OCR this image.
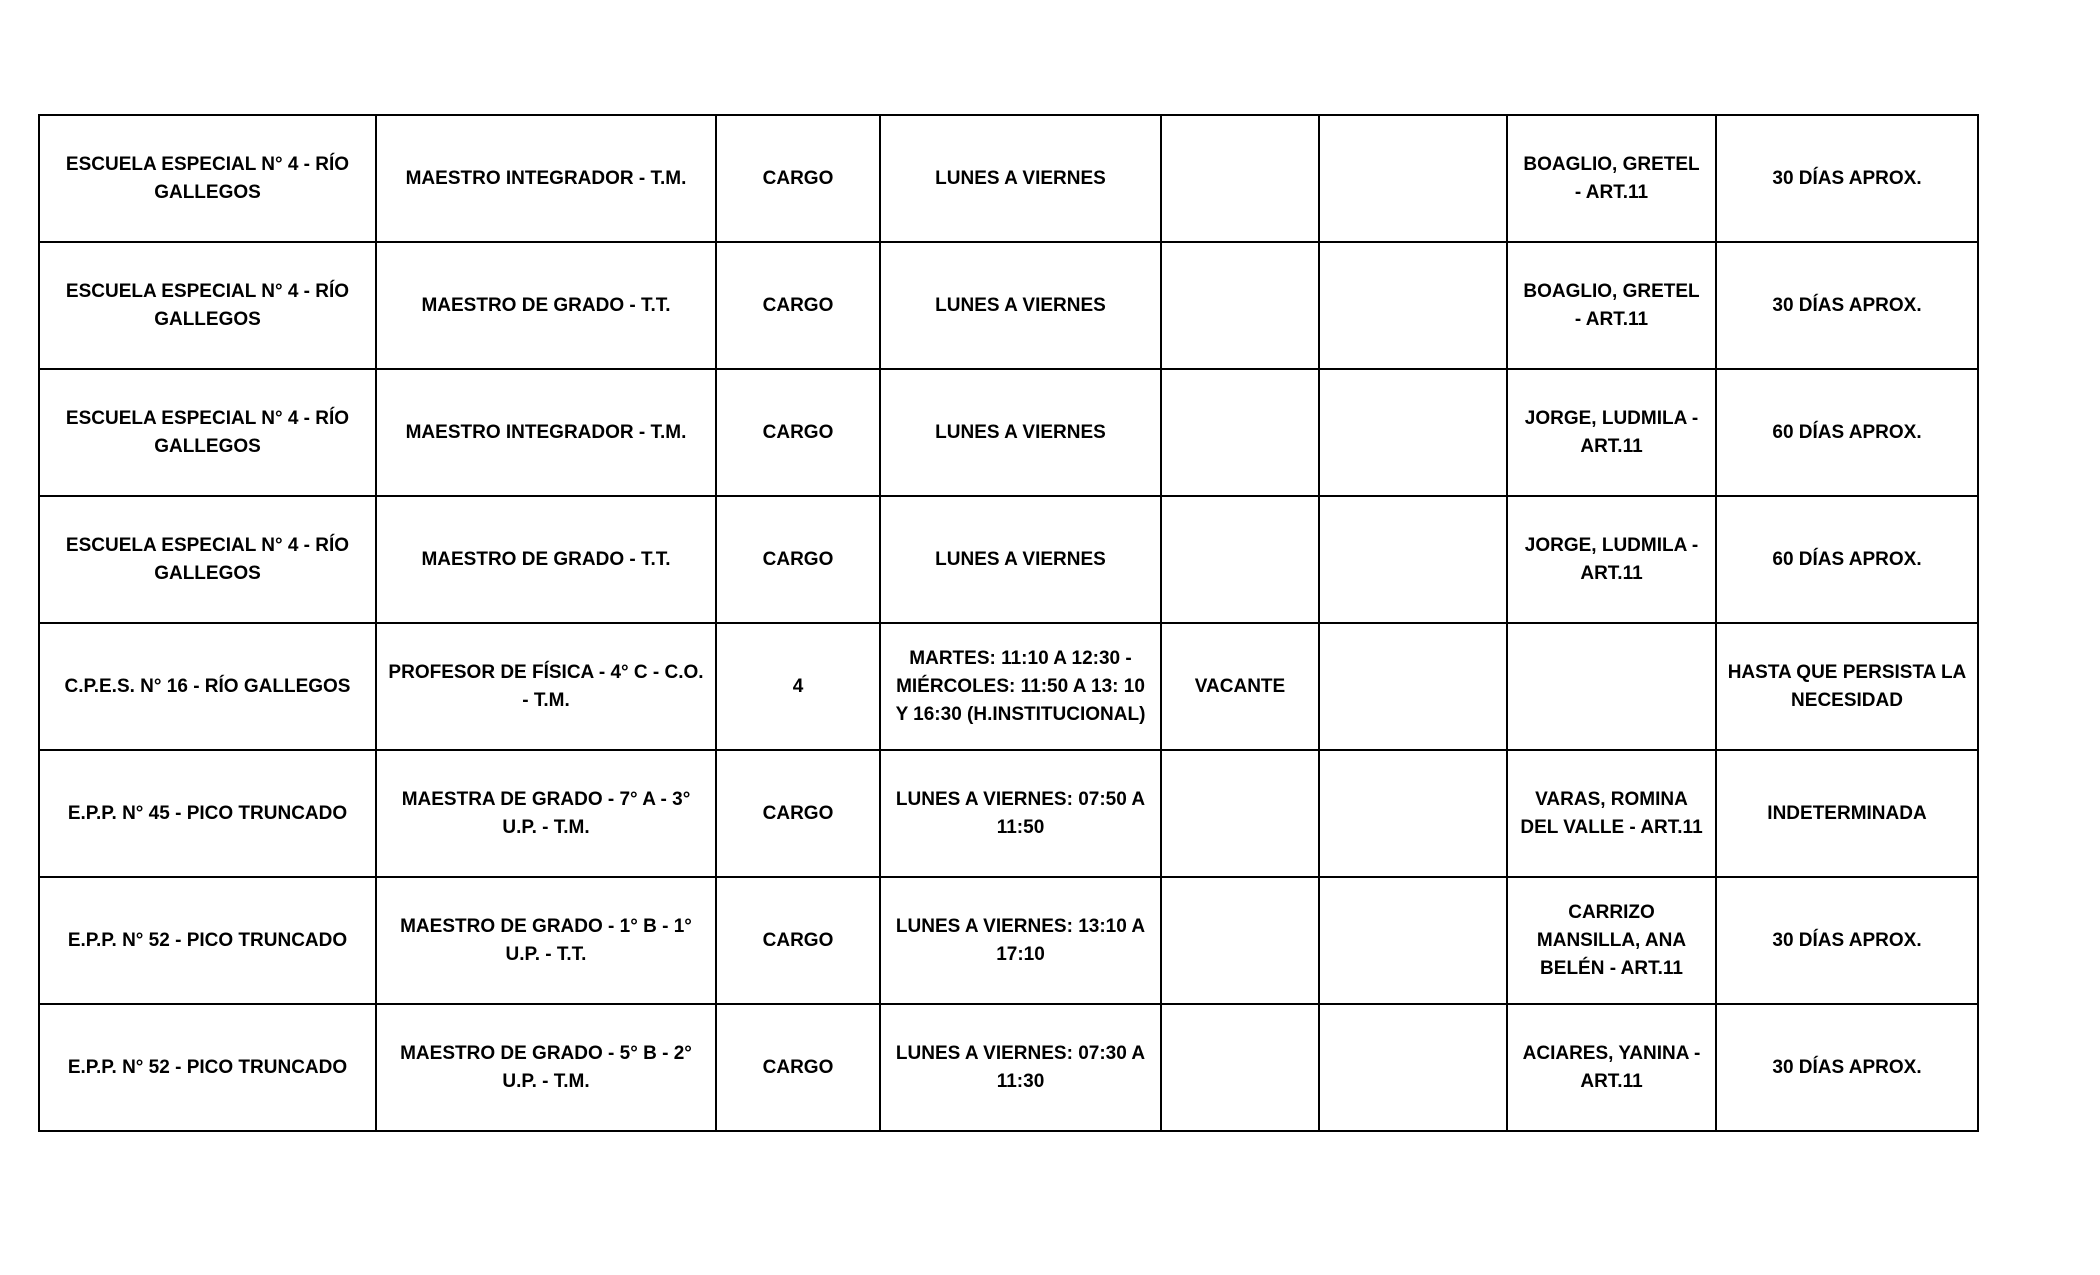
ESCUELA ESPECIAL N° 4 - RÍO GALLEGOS	MAESTRO INTEGRADOR - T.M.	CARGO	LUNES A VIERNES			BOAGLIO, GRETEL - ART.11	30 DÍAS APROX.
ESCUELA ESPECIAL N° 4 - RÍO GALLEGOS	MAESTRO DE GRADO - T.T.	CARGO	LUNES A VIERNES			BOAGLIO, GRETEL - ART.11	30 DÍAS APROX.
ESCUELA ESPECIAL N° 4 - RÍO GALLEGOS	MAESTRO INTEGRADOR - T.M.	CARGO	LUNES A VIERNES			JORGE, LUDMILA - ART.11	60 DÍAS APROX.
ESCUELA ESPECIAL N° 4 - RÍO GALLEGOS	MAESTRO DE GRADO - T.T.	CARGO	LUNES A VIERNES			JORGE, LUDMILA - ART.11	60 DÍAS APROX.
C.P.E.S. N° 16 - RÍO GALLEGOS	PROFESOR DE FÍSICA - 4° C - C.O. - T.M.	4	MARTES: 11:10 A 12:30 - MIÉRCOLES: 11:50 A 13: 10 Y 16:30 (H.INSTITUCIONAL)	VACANTE			HASTA QUE PERSISTA LA NECESIDAD
E.P.P. N° 45 - PICO TRUNCADO	MAESTRA DE GRADO - 7° A - 3° U.P. - T.M.	CARGO	LUNES A VIERNES: 07:50 A 11:50			VARAS, ROMINA DEL VALLE - ART.11	INDETERMINADA
E.P.P. N° 52 - PICO TRUNCADO	MAESTRO DE GRADO - 1° B - 1° U.P. - T.T.	CARGO	LUNES A VIERNES: 13:10 A 17:10			CARRIZO MANSILLA, ANA BELÉN - ART.11	30 DÍAS APROX.
E.P.P. N° 52 - PICO TRUNCADO	MAESTRO DE GRADO - 5° B - 2° U.P. - T.M.	CARGO	LUNES A VIERNES: 07:30 A 11:30			ACIARES, YANINA - ART.11	30 DÍAS APROX.
